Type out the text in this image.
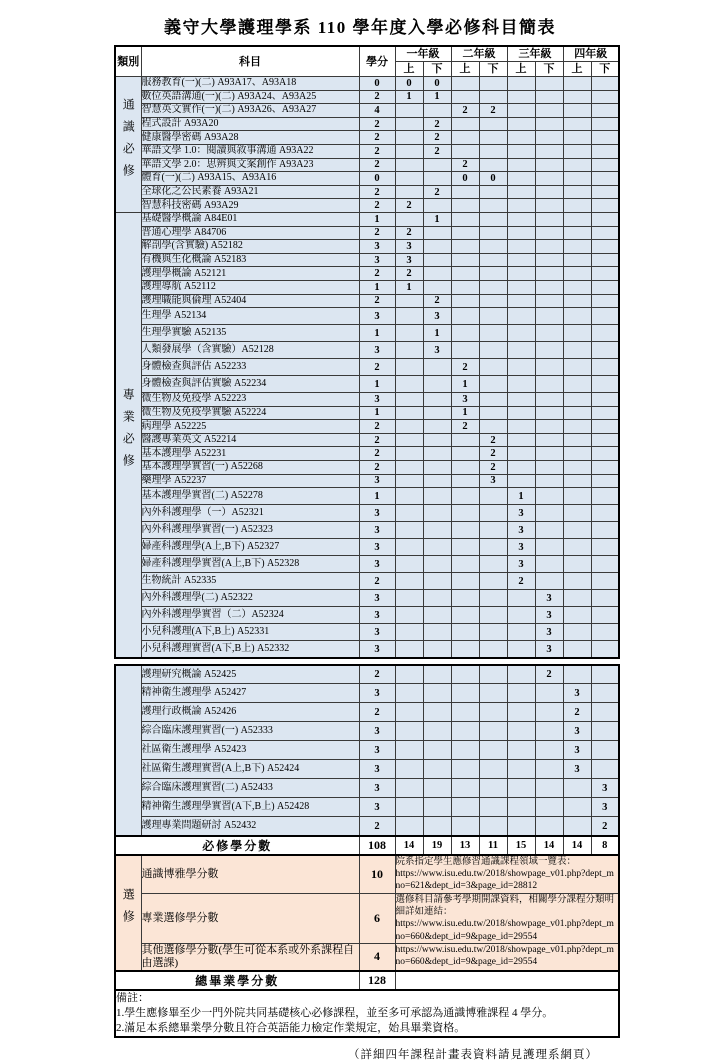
義守大學護理學系 110 學年度入學必修科目簡表
類別	科目	學分	一年級		二年級		三年級		四年級	
			上	下	上	下	上	下	上	下
通識必修	服務教育(一)(二) A93A17、A93A18	0	0	0						
	數位英語溝通(一)(二) A93A24、A93A25	2	1	1						
	智慧英文實作(一)(二) A93A26、A93A27	4			2	2				
	程式設計 A93A20	2		2						
	健康醫學密碼 A93A28	2		2						
	華語文學 1.0：閱讀與敘事溝通 A93A22	2		2						
	華語文學 2.0：思辨與文案創作 A93A23	2			2					
	體育(一)(二) A93A15、A93A16	0			0	0				
	全球化之公民素養 A93A21	2		2						
	智慧科技密碼 A93A29	2	2							
專業必修	基礎醫學概論 A84E01	1		1						
	普通心理學 A84706	2	2							
	解剖學(含實驗) A52182	3	3							
	有機與生化概論 A52183	3	3							
	護理學概論 A52121	2	2							
	護理導航 A52112	1	1							
	護理職能與倫理 A52404	2		2						
	生理學 A52134	3		3						
	生理學實驗 A52135	1		1						
	人類發展學（含實驗）A52128	3		3						
	身體檢查與評估 A52233	2			2					
	身體檢查與評估實驗 A52234	1			1					
	微生物及免疫學 A52223	3			3					
	微生物及免疫學實驗 A52224	1			1					
	病理學 A52225	2			2					
	醫護專業英文 A52214	2				2				
	基本護理學 A52231	2				2				
	基本護理學實習(一) A52268	2				2				
	藥理學 A52237	3				3				
	基本護理學實習(二) A52278	1					1			
	內外科護理學（一）A52321	3					3			
	內外科護理學實習(一) A52323	3					3			
	婦產科護理學(A上,B下) A52327	3					3			
	婦產科護理學實習(A上,B下) A52328	3					3			
	生物統計 A52335	2					2			
	內外科護理學(二) A52322	3						3		
	內外科護理學實習（二）A52324	3						3		
	小兒科護理(A下,B上) A52331	3						3		
	小兒科護理實習(A下,B上) A52332	3						3		
	護理研究概論 A52425	2						2		
	精神衛生護理學 A52427	3							3	
	護理行政概論 A52426	2							2	
	綜合臨床護理實習(一) A52333	3							3	
	社區衛生護理學 A52423	3							3	
	社區衛生護理實習(A上,B下) A52424	3							3	
	綜合臨床護理實習(二) A52433	3								3
	精神衛生護理學實習(A下,B上) A52428	3								3
	護理專業問題研討 A52432	2								2
必修學分數		108	14	19	13	11	15	14	14	8
選修	通識博雅學分數	10	院系指定學生應修習通識課程領域一覽表：
https://www.isu.edu.tw/2018/showpage_v01.php?dept_mno=621&dept_id=3&page_id=28812							
	專業選修學分數	6	選修科目請參考學期開課資料，相關學分課程分類明細詳如連結：
https://www.isu.edu.tw/2018/showpage_v01.php?dept_mno=660&dept_id=9&page_id=29554							
	其他選修學分數(學生可從本系或外系課程自由選課)	4	https://www.isu.edu.tw/2018/showpage_v01.php?dept_mno=660&dept_id=9&page_id=29554							
總畢業學分數		128								

備註：
1.學生應修畢至少一門外院共同基礎核心必修課程，並至多可承認為通識博雅課程 4 學分。
2.滿足本系總畢業學分數且符合英語能力檢定作業規定，始具畢業資格。										
（詳細四年課程計畫表資料請見護理系網頁）
